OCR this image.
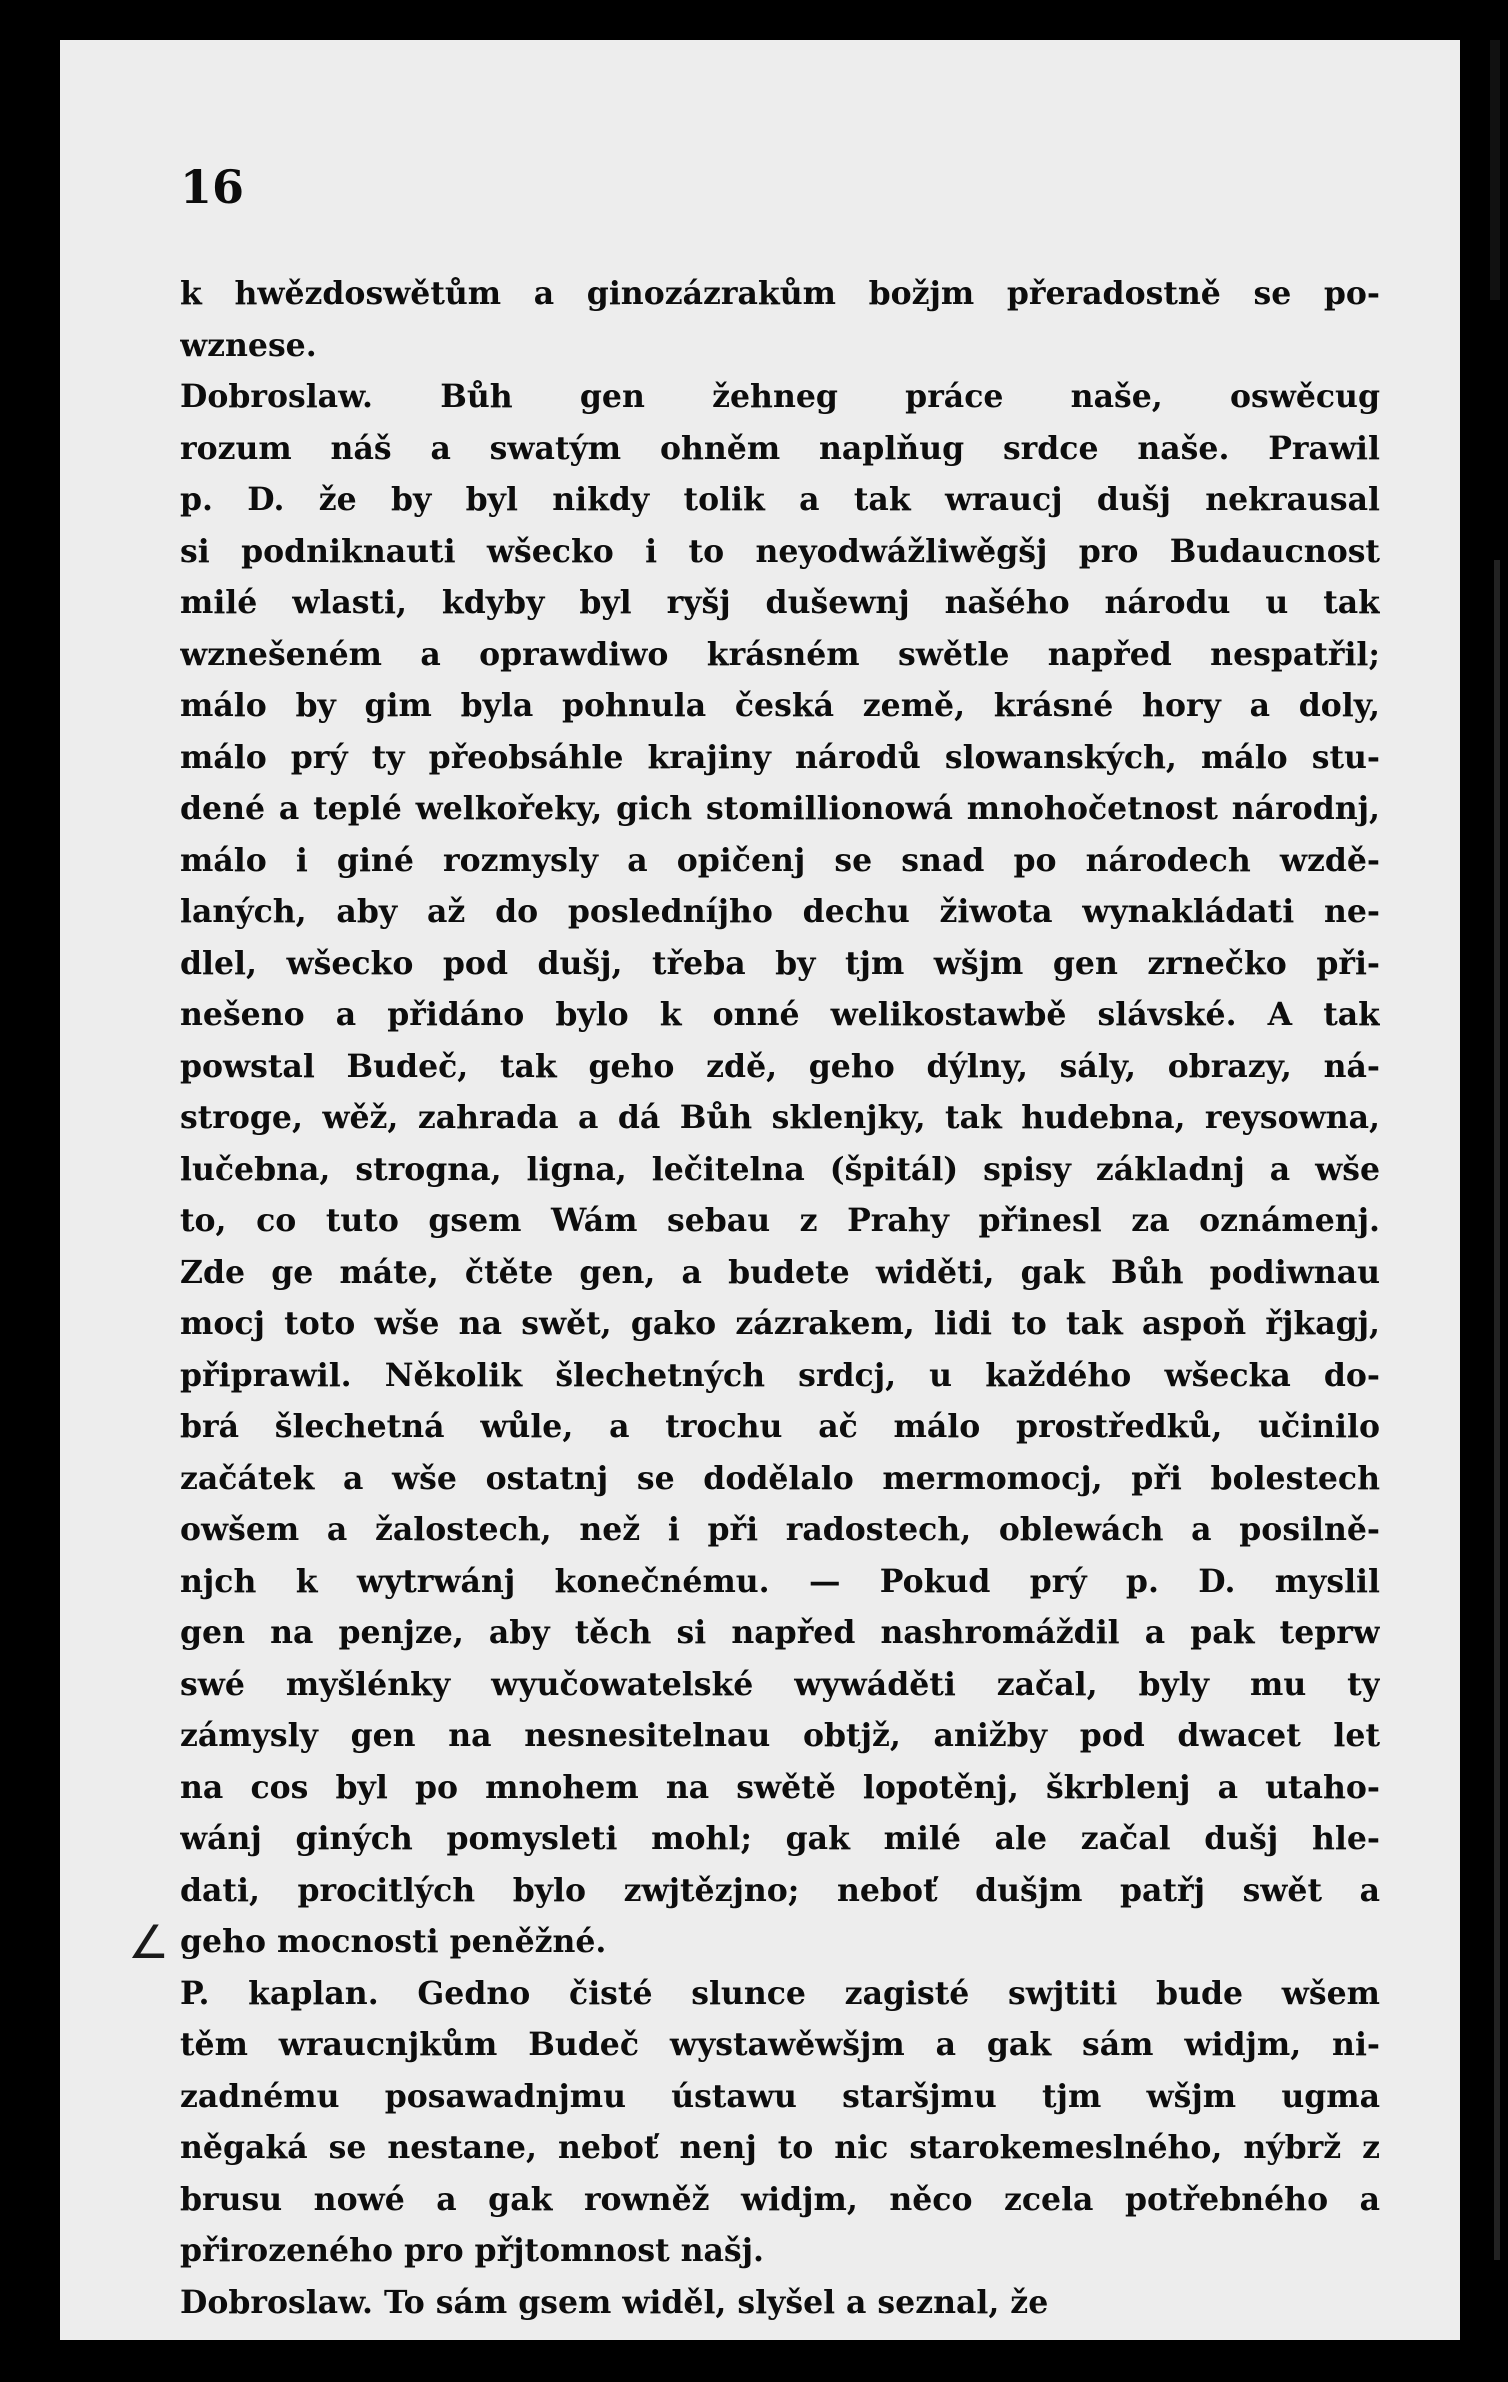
16
k hwězdoswětům a ginozázrakům božjm přeradostně se po-
wznese.
Dobroslaw. Bůh gen žehneg práce naše, oswěcug
rozum náš a swatým ohněm naplňug srdce naše. Prawil
p. D. že by byl nikdy tolik a tak wraucj dušj nekrausal
si podniknauti wšecko i to neyodwážliwěgšj pro Budaucnost
milé wlasti, kdyby byl ryšj dušewnj našého národu u tak
wznešeném a oprawdiwo krásném swětle napřed nespatřil;
málo by gim byla pohnula česká země, krásné hory a doly,
málo prý ty přeobsáhle krajiny národů slowanských, málo stu-
dené a teplé welkořeky, gich stomillionowá mnohočetnost národnj,
málo i giné rozmysly a opičenj se snad po národech wzdě-
laných, aby až do posledníjho dechu žiwota wynakládati ne-
dlel, wšecko pod dušj, třeba by tjm wšjm gen zrnečko při-
nešeno a přidáno bylo k onné welikostawbě slávské. A tak
powstal Budeč, tak geho zdě, geho dýlny, sály, obrazy, ná-
stroge, wěž, zahrada a dá Bůh sklenjky, tak hudebna, reysowna,
lučebna, strogna, ligna, lečitelna (špitál) spisy základnj a wše
to, co tuto gsem Wám sebau z Prahy přinesl za oznámenj.
Zde ge máte, čtěte gen, a budete widěti, gak Bůh podiwnau
mocj toto wše na swět, gako zázrakem, lidi to tak aspoň řjkagj,
připrawil. Několik šlechetných srdcj, u každého wšecka do-
brá šlechetná wůle, a trochu ač málo prostředků, učinilo
začátek a wše ostatnj se dodělalo mermomocj, při bolestech
owšem a žalostech, než i při radostech, oblewách a posilně-
njch k wytrwánj konečnému. — Pokud prý p. D. myslil
gen na penjze, aby těch si napřed nashromáždil a pak teprw
swé myšlénky wyučowatelské wywáděti začal, byly mu ty
zámysly gen na nesnesitelnau obtjž, anižby pod dwacet let
na cos byl po mnohem na swětě lopotěnj, škrblenj a utaho-
wánj giných pomysleti mohl; gak milé ale začal dušj hle-
dati, procitlých bylo zwjtězjno; neboť dušjm patřj swět a
geho mocnosti peněžné.
P. kaplan. Gedno čisté slunce zagisté swjtiti bude wšem
těm wraucnjkům Budeč wystawěwšjm a gak sám widjm, ni-
zadnému posawadnjmu ústawu staršjmu tjm wšjm ugma
něgaká se nestane, neboť nenj to nic starokemeslného, nýbrž z
brusu nowé a gak rowněž widjm, něco zcela potřebného a
přirozeného pro přjtomnost našj.
Dobroslaw. To sám gsem widěl, slyšel a seznal, že
∠
